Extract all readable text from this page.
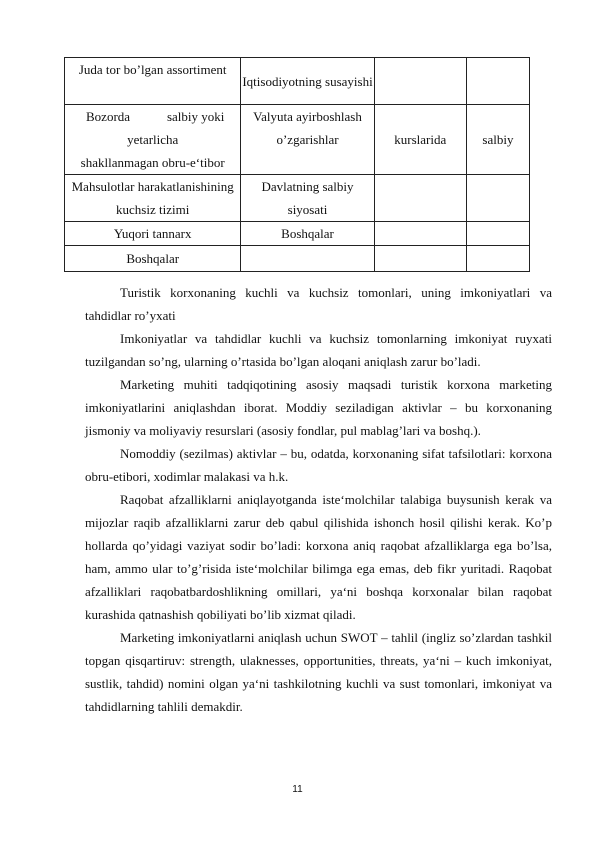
Juda tor bo’lgan assortiment	Iqtisodiyotning susayishi		

Bozorda salbiy yoki
yetarlicha
shakllanmagan obru-e‘tibor	Valyuta ayirboshlash o’zgarishlar	kurslarida	salbiy
Mahsulotlar harakatlanishining kuchsiz tizimi	Davlatning salbiy siyosati		
Yuqori tannarx	Boshqalar		
Boshqalar			

Turistik korxonaning kuchli va kuchsiz tomonlari, uning imkoniyatlari va tahdidlar ro’yxati

Imkoniyatlar va tahdidlar kuchli va kuchsiz tomonlarning imkoniyat ruyxati tuzilgandan so’ng, ularning o’rtasida bo’lgan aloqani aniqlash zarur bo’ladi.

Marketing muhiti tadqiqotining asosiy maqsadi turistik korxona marketing imkoniyatlarini aniqlashdan iborat. Moddiy seziladigan aktivlar – bu korxonaning jismoniy va moliyaviy resurslari (asosiy fondlar, pul mablag’lari va boshq.).

Nomoddiy (sezilmas) aktivlar – bu, odatda, korxonaning sifat tafsilotlari: korxona obru-etibori, xodimlar malakasi va h.k.

Raqobat afzalliklarni aniqlayotganda iste‘molchilar talabiga buysunish kerak va mijozlar raqib afzalliklarni zarur deb qabul qilishida ishonch hosil qilishi kerak. Ko’p hollarda qo’yidagi vaziyat sodir bo’ladi: korxona aniq raqobat afzalliklarga ega bo’lsa, ham, ammo ular to’g’risida iste‘molchilar bilimga ega emas, deb fikr yuritadi. Raqobat afzalliklari raqobatbardoshlikning omillari, ya‘ni boshqa korxonalar bilan raqobat kurashida qatnashish qobiliyati bo’lib xizmat qiladi.

Marketing imkoniyatlarni aniqlash uchun SWOT – tahlil (ingliz so’zlardan tashkil topgan qisqartiruv: strength, ulaknesses, opportunities, threats, ya‘ni – kuch imkoniyat, sustlik, tahdid) nomini olgan ya‘ni tashkilotning kuchli va sust tomonlari, imkoniyat va tahdidlarning tahlili demakdir.

11
